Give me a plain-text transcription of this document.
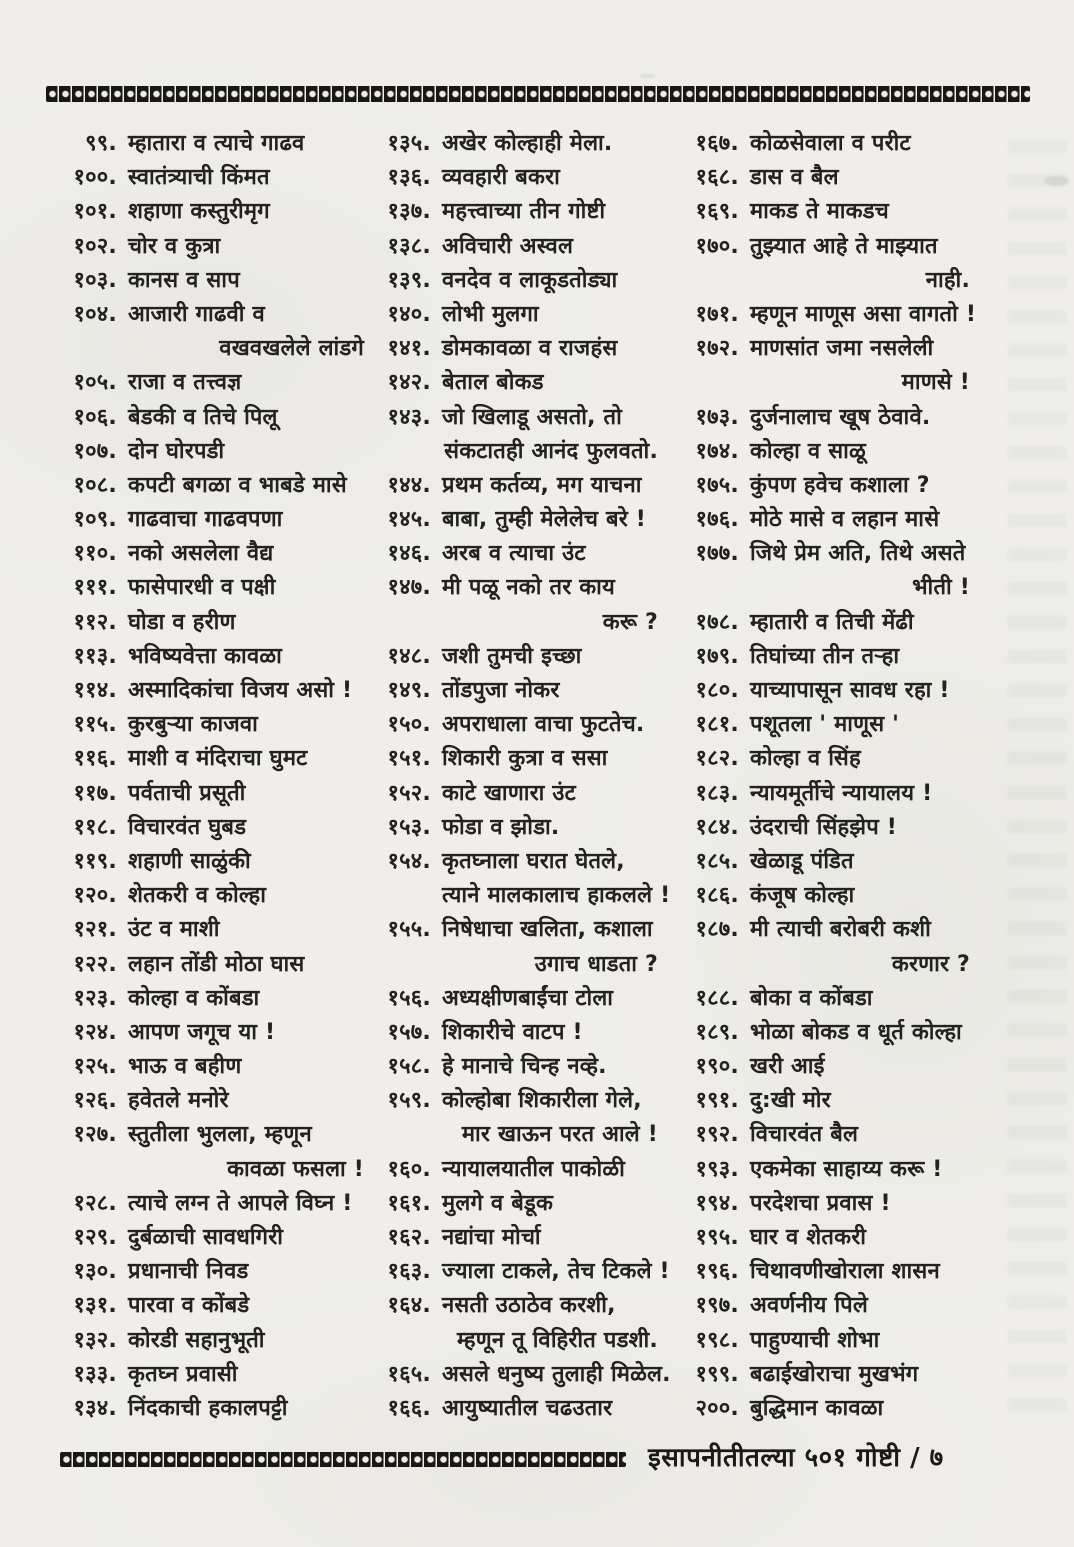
९९. म्हातारा व त्याचे गाढव
१००. स्वातंत्र्याची किंमत
१०१. शहाणा कस्तुरीमृग
१०२. चोर व कुत्रा
१०३. कानस व साप
१०४. आजारी गाढवी व
वखवखलेले लांडगे
१०५. राजा व तत्त्वज्ञ
१०६. बेडकी व तिचे पिलू
१०७. दोन घोरपडी
१०८. कपटी बगळा व भाबडे मासे
१०९. गाढवाचा गाढवपणा
११०. नको असलेला वैद्य
१११. फासेपारधी व पक्षी
११२. घोडा व हरीण
११३. भविष्यवेत्ता कावळा
११४. अस्मादिकांचा विजय असो !
११५. कुरबुऱ्या काजवा
११६. माशी व मंदिराचा घुमट
११७. पर्वताची प्रसूती
११८. विचारवंत घुबड
११९. शहाणी साळुंकी
१२०. शेतकरी व कोल्हा
१२१. उंट व माशी
१२२. लहान तोंडी मोठा घास
१२३. कोल्हा व कोंबडा
१२४. आपण जगूच या !
१२५. भाऊ व बहीण
१२६. हवेतले मनोरे
१२७. स्तुतीला भुलला, म्हणून
कावळा फसला !
१२८. त्याचे लग्न ते आपले विघ्न !
१२९. दुर्बळाची सावधगिरी
१३०. प्रधानाची निवड
१३१. पारवा व कोंबडे
१३२. कोरडी सहानुभूती
१३३. कृतघ्न प्रवासी
१३४. निंदकाची हकालपट्टी
१३५. अखेर कोल्हाही मेला.
१३६. व्यवहारी बकरा
१३७. महत्त्वाच्या तीन गोष्टी
१३८. अविचारी अस्वल
१३९. वनदेव व लाकूडतोड्या
१४०. लोभी मुलगा
१४१. डोमकावळा व राजहंस
१४२. बेताल बोकड
१४३. जो खिलाडू असतो, तो
संकटातही आनंद फुलवतो.
१४४. प्रथम कर्तव्य, मग याचना
१४५. बाबा, तुम्ही मेलेलेच बरे !
१४६. अरब व त्याचा उंट
१४७. मी पळू नको तर काय
करू ?
१४८. जशी तुमची इच्छा
१४९. तोंडपुजा नोकर
१५०. अपराधाला वाचा फुटतेच.
१५१. शिकारी कुत्रा व ससा
१५२. काटे खाणारा उंट
१५३. फोडा व झोडा.
१५४. कृतघ्नाला घरात घेतले,
त्याने मालकालाच हाकलले !
१५५. निषेधाचा खलिता, कशाला
उगाच धाडता ?
१५६. अध्यक्षीणबाईंचा टोला
१५७. शिकारीचे वाटप !
१५८. हे मानाचे चिन्ह नव्हे.
१५९. कोल्होबा शिकारीला गेले,
मार खाऊन परत आले !
१६०. न्यायालयातील पाकोळी
१६१. मुलगे व बेडूक
१६२. नद्यांचा मोर्चा
१६३. ज्याला टाकले, तेच टिकले !
१६४. नसती उठाठेव करशी,
म्हणून तू विहिरीत पडशी.
१६५. असले धनुष्य तुलाही मिळेल.
१६६. आयुष्यातील चढउतार
१६७. कोळसेवाला व परीट
१६८. डास व बैल
१६९. माकड ते माकडच
१७०. तुझ्यात आहे ते माझ्यात
नाही.
१७१. म्हणून माणूस असा वागतो !
१७२. माणसांत जमा नसलेली
माणसे !
१७३. दुर्जनालाच खूष ठेवावे.
१७४. कोल्हा व साळू
१७५. कुंपण हवेच कशाला ?
१७६. मोठे मासे व लहान मासे
१७७. जिथे प्रेम अति, तिथे असते
भीती !
१७८. म्हातारी व तिची मेंढी
१७९. तिघांच्या तीन तऱ्हा
१८०. याच्यापासून सावध रहा !
१८१. पशूतला ' माणूस '
१८२. कोल्हा व सिंह
१८३. न्यायमूर्तीचे न्यायालय !
१८४. उंदराची सिंहझेप !
१८५. खेळाडू पंडित
१८६. कंजूष कोल्हा
१८७. मी त्याची बरोबरी कशी
करणार ?
१८८. बोका व कोंबडा
१८९. भोळा बोकड व धूर्त कोल्हा
१९०. खरी आई
१९१. दु:खी मोर
१९२. विचारवंत बैल
१९३. एकमेका साहाय्य करू !
१९४. परदेशचा प्रवास !
१९५. घार व शेतकरी
१९६. चिथावणीखोराला शासन
१९७. अवर्णनीय पिले
१९८. पाहुण्याची शोभा
१९९. बढाईखोराचा मुखभंग
२००. बुद्धिमान कावळा
इसापनीतीतल्या ५०१ गोष्टी / ७
